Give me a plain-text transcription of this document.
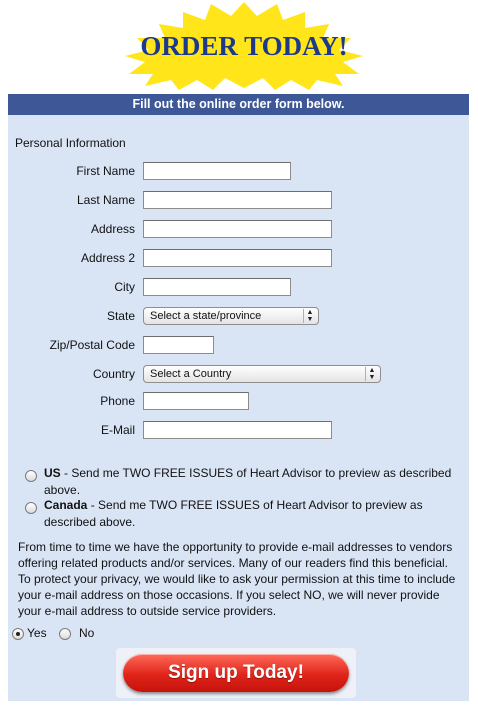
ORDER TODAY!
Fill out the online order form below.
Personal Information
First Name
Last Name
Address
Address 2
City
State	Select a state/province	▲
▼
Zip/Postal Code
Country	Select a Country	▲
▼
Phone
E-Mail
US - Send me TWO FREE ISSUES of Heart Advisor to preview as described above.
Canada - Send me TWO FREE ISSUES of Heart Advisor to preview as described above.
From time to time we have the opportunity to provide e-mail addresses to vendors offering related products and/or services. Many of our readers find this beneficial. To protect your privacy, we would like to ask your permission at this time to include your e-mail address on those occasions. If you select NO, we will never provide your e-mail address to outside service providers.
Yes	No
Sign up Today!
